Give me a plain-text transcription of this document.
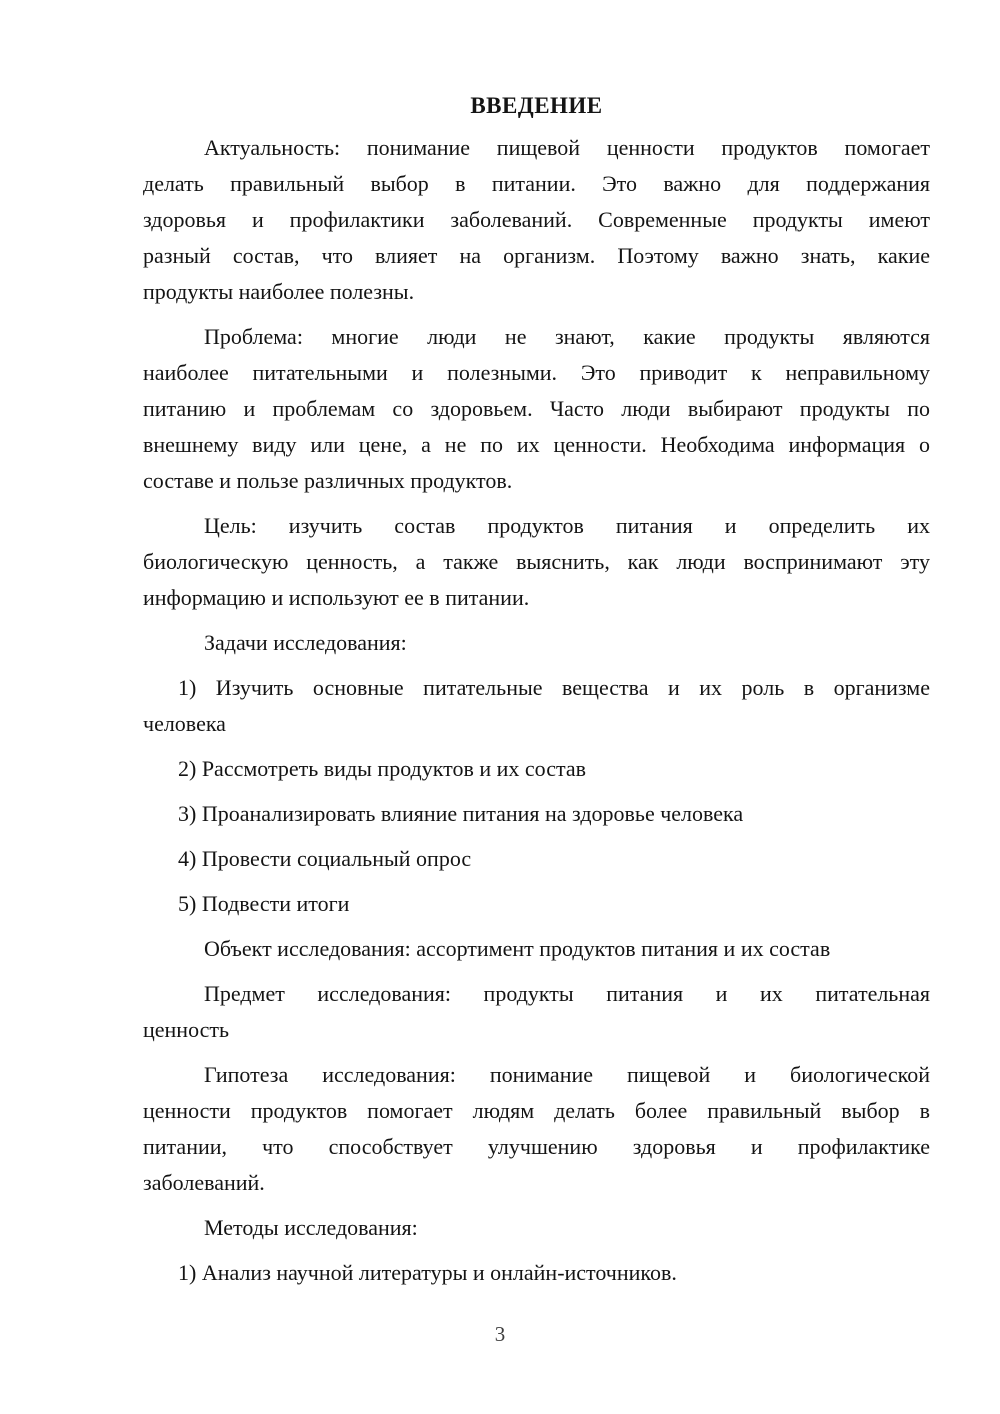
ВВЕДЕНИЕ
Актуальность: понимание пищевой ценности продуктов помогает
делать правильный выбор в питании. Это важно для поддержания
здоровья и профилактики заболеваний. Современные продукты имеют
разный состав, что влияет на организм. Поэтому важно знать, какие
продукты наиболее полезны.
Проблема: многие люди не знают, какие продукты являются
наиболее питательными и полезными. Это приводит к неправильному
питанию и проблемам со здоровьем. Часто люди выбирают продукты по
внешнему виду или цене, а не по их ценности. Необходима информация о
составе и пользе различных продуктов.
Цель: изучить состав продуктов питания и определить их
биологическую ценность, а также выяснить, как люди воспринимают эту
информацию и используют ее в питании.
Задачи исследования:
1) Изучить основные питательные вещества и их роль в организме
человека
2) Рассмотреть виды продуктов и их состав
3) Проанализировать влияние питания на здоровье человека
4) Провести социальный опрос
5) Подвести итоги
Объект исследования: ассортимент продуктов питания и их состав
Предмет исследования: продукты питания и их питательная
ценность
Гипотеза исследования: понимание пищевой и биологической
ценности продуктов помогает людям делать более правильный выбор в
питании, что способствует улучшению здоровья и профилактике
заболеваний.
Методы исследования:
1) Анализ научной литературы и онлайн-источников.
3
